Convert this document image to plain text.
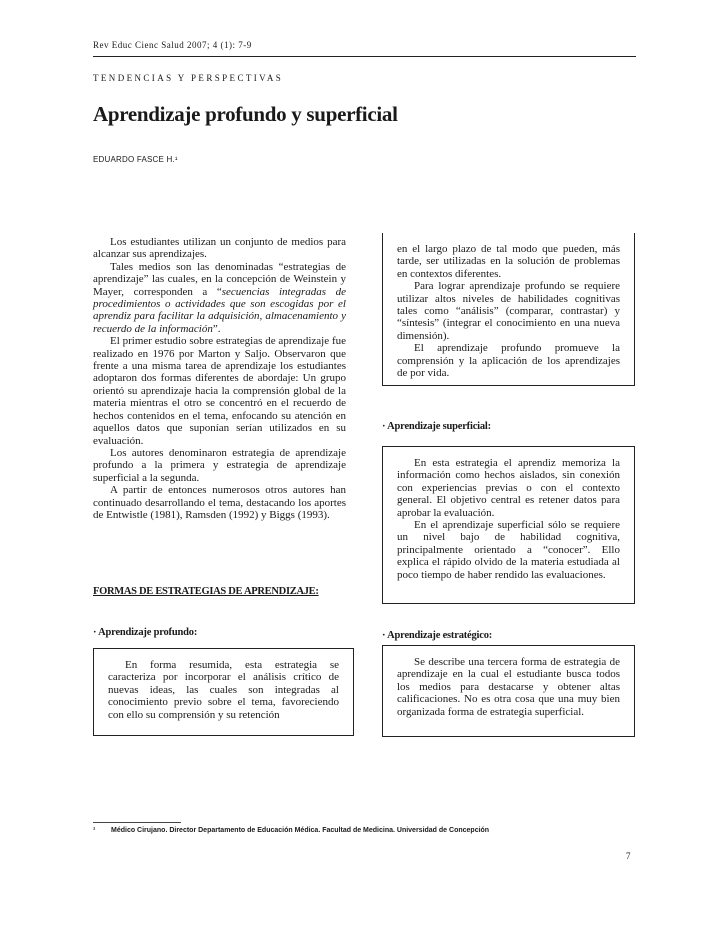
Rev Educ Cienc Salud 2007; 4 (1): 7-9
TENDENCIAS Y PERSPECTIVAS
Aprendizaje profundo y superficial
EDUARDO FASCE H.¹

Los estudiantes utilizan un conjunto de medios para alcanzar sus aprendizajes.

Tales medios son las denominadas “estrategias de aprendizaje” las cuales, en la concepción de Weinstein y Mayer, corresponden a “secuencias integradas de procedimientos o actividades que son escogidas por el aprendiz para facilitar la adquisición, almacenamiento y recuerdo de la información”.

El primer estudio sobre estrategias de aprendizaje fue realizado en 1976 por Marton y Saljo. Observaron que frente a una misma tarea de aprendizaje los estudiantes adoptaron dos formas diferentes de abordaje: Un grupo orientó su aprendizaje hacia la comprensión global de la materia mientras el otro se concentró en el recuerdo de hechos contenidos en el tema, enfocando su atención en aquellos datos que suponían serían utilizados en su evaluación.

Los autores denominaron estrategia de aprendizaje profundo a la primera y estrategia de aprendizaje superficial a la segunda.

A partir de entonces numerosos otros autores han continuado desarrollando el tema, destacando los aportes de Entwistle (1981), Ramsden (1992) y Biggs (1993).

FORMAS DE ESTRATEGIAS DE APRENDIZAJE:
· Aprendizaje profundo:

En forma resumida, esta estrategia se caracteriza por incorporar el análisis crítico de nuevas ideas, las cuales son integradas al conocimiento previo sobre el tema, favoreciendo con ello su comprensión y su retención

en el largo plazo de tal modo que pueden, más tarde, ser utilizadas en la solución de problemas en contextos diferentes.

Para lograr aprendizaje profundo se requiere utilizar altos niveles de habilidades cognitivas tales como “análisis” (comparar, contrastar) y “síntesis” (integrar el conocimiento en una nueva dimensión).

El aprendizaje profundo promueve la comprensión y la aplicación de los aprendizajes de por vida.

· Aprendizaje superficial:

En esta estrategia el aprendiz memoriza la información como hechos aislados, sin conexión con experiencias previas o con el contexto general. El objetivo central es retener datos para aprobar la evaluación.

En el aprendizaje superficial sólo se requiere un nivel bajo de habilidad cognitiva, principalmente orientado a “conocer”. Ello explica el rápido olvido de la materia estudiada al poco tiempo de haber rendido las evaluaciones.

· Aprendizaje estratégico:

Se describe una tercera forma de estrategia de aprendizaje en la cual el estudiante busca todos los medios para destacarse y obtener altas calificaciones. No es otra cosa que una muy bien organizada forma de estrategia superficial.

¹ Médico Cirujano. Director Departamento de Educación Médica. Facultad de Medicina. Universidad de Concepción
7
